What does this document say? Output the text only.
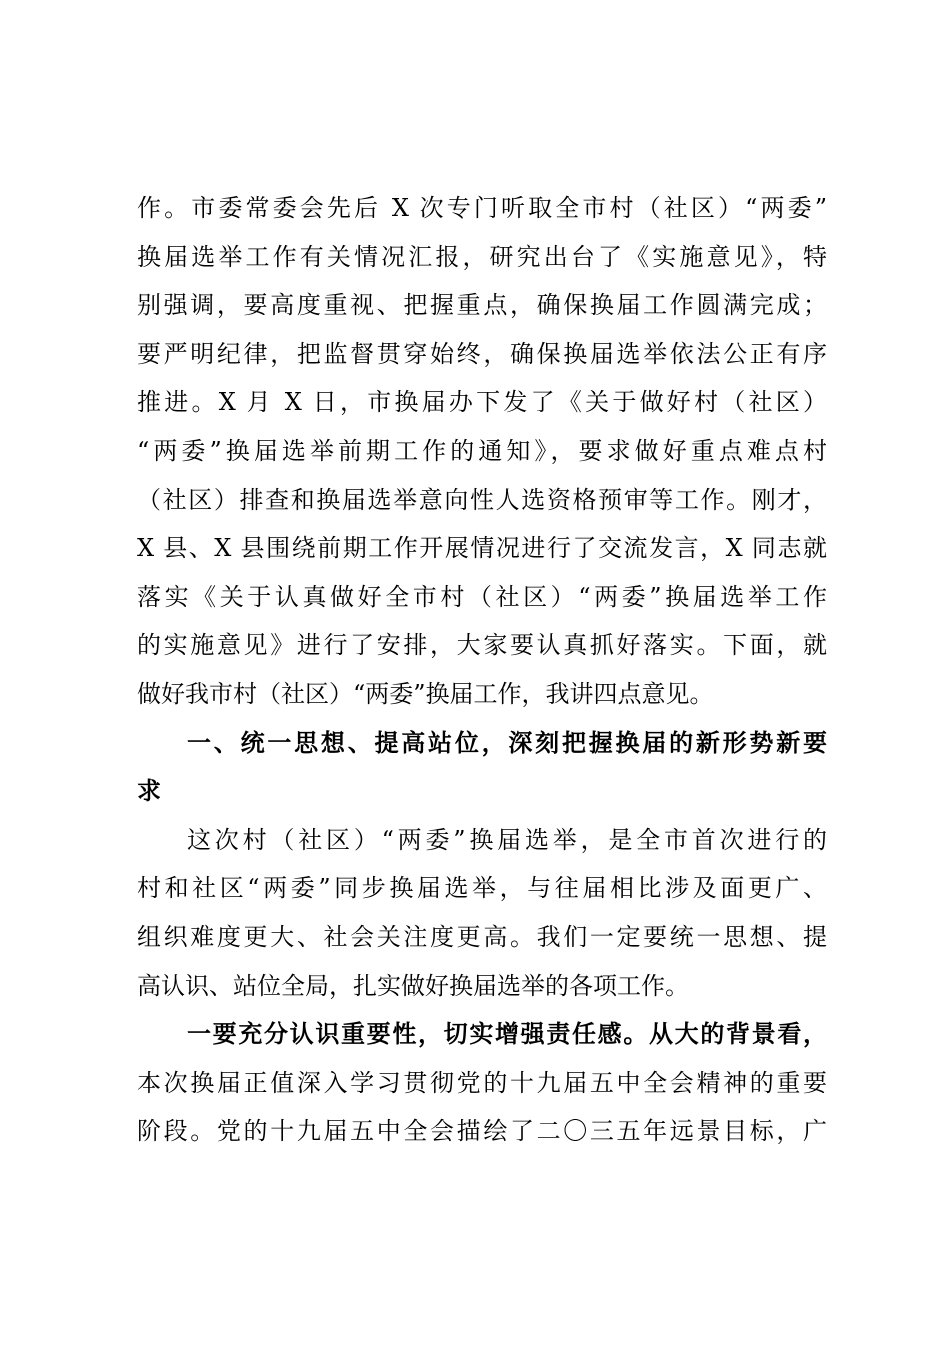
作。市委常委会先后 X 次专门听取全市村（社区）“两委”
换届选举工作有关情况汇报，研究出台了《实施意见》，特
别强调，要高度重视、把握重点，确保换届工作圆满完成；
要严明纪律，把监督贯穿始终，确保换届选举依法公正有序
推进。X 月 X 日，市换届办下发了《关于做好村（社区）
“两委”换届选举前期工作的通知》，要求做好重点难点村
（社区）排查和换届选举意向性人选资格预审等工作。刚才，
X 县、X 县围绕前期工作开展情况进行了交流发言，X 同志就
落实《关于认真做好全市村（社区）“两委”换届选举工作
的实施意见》进行了安排，大家要认真抓好落实。下面，就
做好我市村（社区）“两委”换届工作，我讲四点意见。
一、统一思想、提高站位，深刻把握换届的新形势新要
求
这次村（社区）“两委”换届选举，是全市首次进行的
村和社区“两委”同步换届选举，与往届相比涉及面更广、
组织难度更大、社会关注度更高。我们一定要统一思想、提
高认识、站位全局，扎实做好换届选举的各项工作。
一要充分认识重要性，切实增强责任感。从大的背景看，
本次换届正值深入学习贯彻党的十九届五中全会精神的重要
阶段。党的十九届五中全会描绘了二〇三五年远景目标，广
